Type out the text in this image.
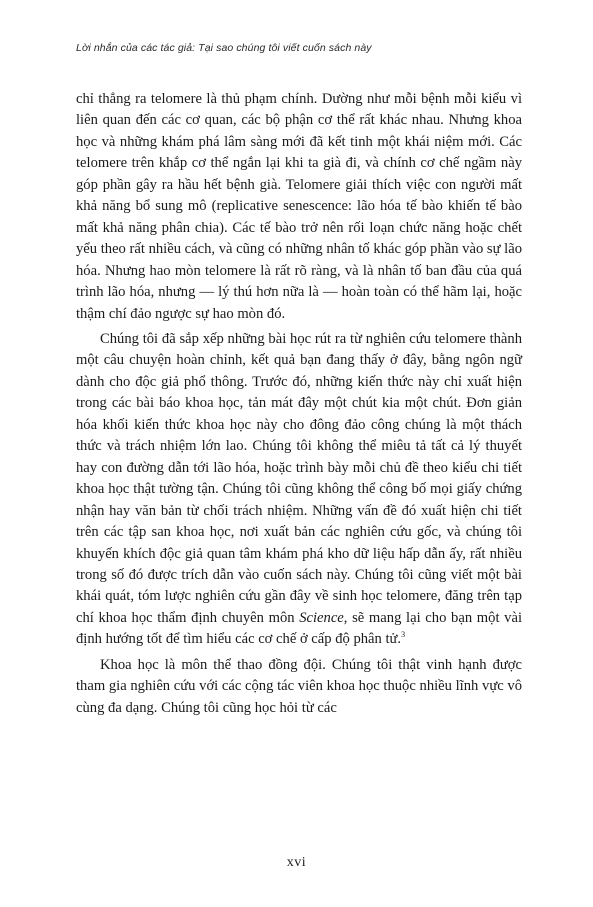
Lời nhắn của các tác giả: Tại sao chúng tôi viết cuốn sách này

chỉ thẳng ra telomere là thủ phạm chính. Dường như mỗi bệnh mỗi kiểu vì liên quan đến các cơ quan, các bộ phận cơ thể rất khác nhau. Nhưng khoa học và những khám phá lâm sàng mới đã kết tinh một khái niệm mới. Các telomere trên khắp cơ thể ngắn lại khi ta già đi, và chính cơ chế ngầm này góp phần gây ra hầu hết bệnh già. Telomere giải thích việc con người mất khả năng bổ sung mô (replicative senescence: lão hóa tế bào khiến tế bào mất khả năng phân chia). Các tế bào trở nên rối loạn chức năng hoặc chết yểu theo rất nhiều cách, và cũng có những nhân tố khác góp phần vào sự lão hóa. Nhưng hao mòn telomere là rất rõ ràng, và là nhân tố ban đầu của quá trình lão hóa, nhưng — lý thú hơn nữa là — hoàn toàn có thể hãm lại, hoặc thậm chí đảo ngược sự hao mòn đó.

Chúng tôi đã sắp xếp những bài học rút ra từ nghiên cứu telomere thành một câu chuyện hoàn chỉnh, kết quả bạn đang thấy ở đây, bằng ngôn ngữ dành cho độc giả phổ thông. Trước đó, những kiến thức này chỉ xuất hiện trong các bài báo khoa học, tản mát đây một chút kia một chút. Đơn giản hóa khối kiến thức khoa học này cho đông đảo công chúng là một thách thức và trách nhiệm lớn lao. Chúng tôi không thể miêu tả tất cả lý thuyết hay con đường dẫn tới lão hóa, hoặc trình bày mỗi chủ đề theo kiểu chi tiết khoa học thật tường tận. Chúng tôi cũng không thể công bố mọi giấy chứng nhận hay văn bản từ chối trách nhiệm. Những vấn đề đó xuất hiện chi tiết trên các tập san khoa học, nơi xuất bản các nghiên cứu gốc, và chúng tôi khuyến khích độc giả quan tâm khám phá kho dữ liệu hấp dẫn ấy, rất nhiều trong số đó được trích dẫn vào cuốn sách này. Chúng tôi cũng viết một bài khái quát, tóm lược nghiên cứu gần đây về sinh học telomere, đăng trên tạp chí khoa học thẩm định chuyên môn Science, sẽ mang lại cho bạn một vài định hướng tốt để tìm hiểu các cơ chế ở cấp độ phân tử.$^3$

Khoa học là môn thể thao đồng đội. Chúng tôi thật vinh hạnh được tham gia nghiên cứu với các cộng tác viên khoa học thuộc nhiều lĩnh vực vô cùng đa dạng. Chúng tôi cũng học hỏi từ các

xvi
